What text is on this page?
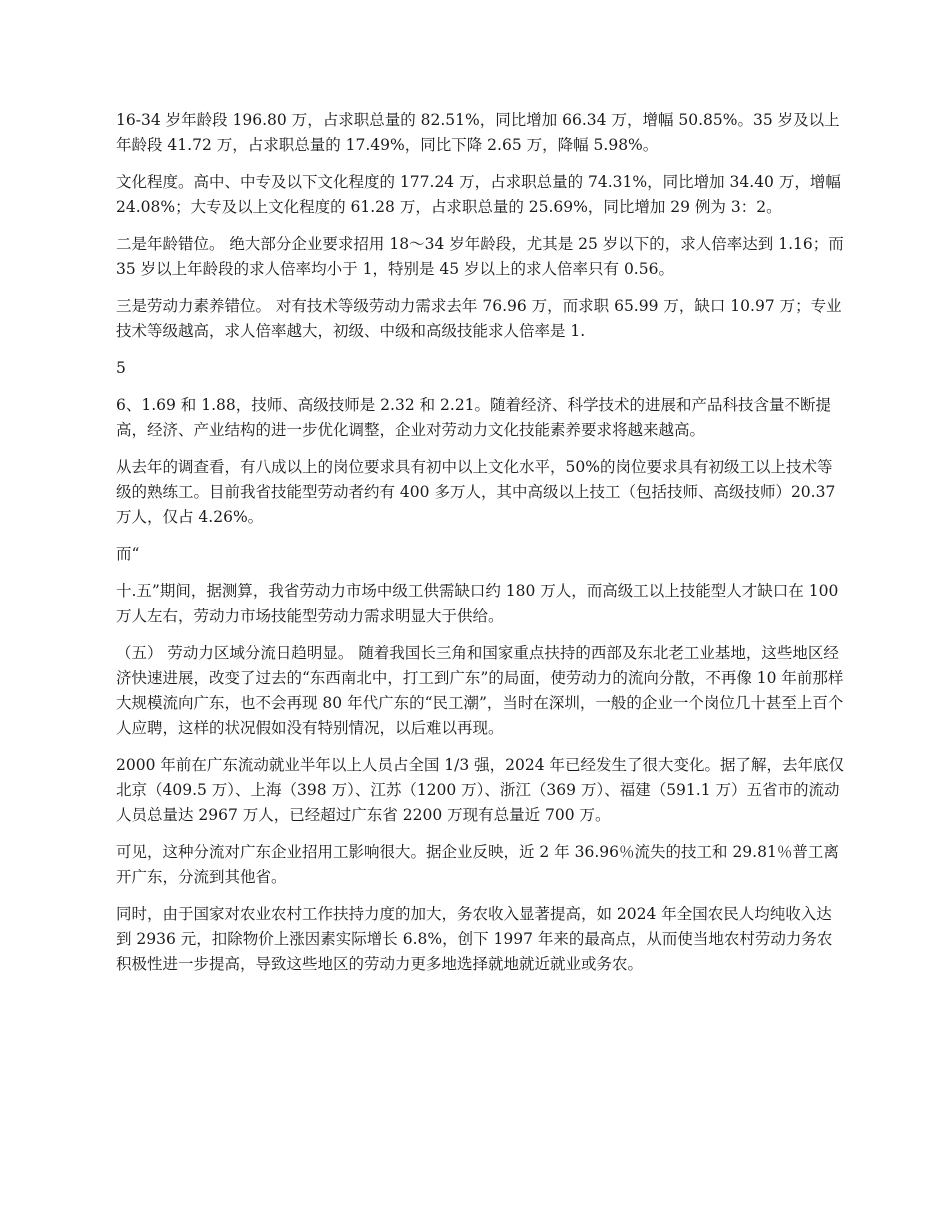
16-34 岁年龄段 196.80 万，占求职总量的 82.51%，同比增加 66.34 万，增幅 50.85%。35 岁及以上年龄段 41.72 万，占求职总量的 17.49%，同比下降 2.65 万，降幅 5.98%。

文化程度。高中、中专及以下文化程度的 177.24 万，占求职总量的 74.31%，同比增加 34.40 万，增幅 24.08%；大专及以上文化程度的 61.28 万，占求职总量的 25.69%，同比增加 29 例为 3：2。

二是年龄错位。 绝大部分企业要求招用 18～34 岁年龄段，尤其是 25 岁以下的，求人倍率达到 1.16；而 35 岁以上年龄段的求人倍率均小于 1，特别是 45 岁以上的求人倍率只有 0.56。

三是劳动力素养错位。 对有技术等级劳动力需求去年 76.96 万，而求职 65.99 万，缺口 10.97 万；专业技术等级越高，求人倍率越大，初级、中级和高级技能求人倍率是 1.

5

6、1.69 和 1.88，技师、高级技师是 2.32 和 2.21。随着经济、科学技术的进展和产品科技含量不断提高，经济、产业结构的进一步优化调整，企业对劳动力文化技能素养要求将越来越高。

从去年的调查看，有八成以上的岗位要求具有初中以上文化水平，50%的岗位要求具有初级工以上技术等级的熟练工。目前我省技能型劳动者约有 400 多万人，其中高级以上技工（包括技师、高级技师）20.37 万人，仅占 4.26%。

而“

十.五”期间，据测算，我省劳动力市场中级工供需缺口约 180 万人，而高级工以上技能型人才缺口在 100 万人左右，劳动力市场技能型劳动力需求明显大于供给。

（五） 劳动力区域分流日趋明显。 随着我国长三角和国家重点扶持的西部及东北老工业基地，这些地区经济快速进展，改变了过去的“东西南北中，打工到广东”的局面，使劳动力的流向分散，不再像 10 年前那样大规模流向广东，也不会再现 80 年代广东的“民工潮”，当时在深圳，一般的企业一个岗位几十甚至上百个人应聘，这样的状况假如没有特别情况，以后难以再现。

2000 年前在广东流动就业半年以上人员占全国 1/3 强，2024 年已经发生了很大变化。据了解，去年底仅北京（409.5 万）、上海（398 万）、江苏（1200 万）、浙江（369 万）、福建（591.1 万）五省市的流动人员总量达 2967 万人，已经超过广东省 2200 万现有总量近 700 万。

可见，这种分流对广东企业招用工影响很大。据企业反映，近 2 年 36.96％流失的技工和 29.81％普工离开广东，分流到其他省。

同时，由于国家对农业农村工作扶持力度的加大，务农收入显著提高，如 2024 年全国农民人均纯收入达到 2936 元，扣除物价上涨因素实际增长 6.8%，创下 1997 年来的最高点，从而使当地农村劳动力务农积极性进一步提高，导致这些地区的劳动力更多地选择就地就近就业或务农。
